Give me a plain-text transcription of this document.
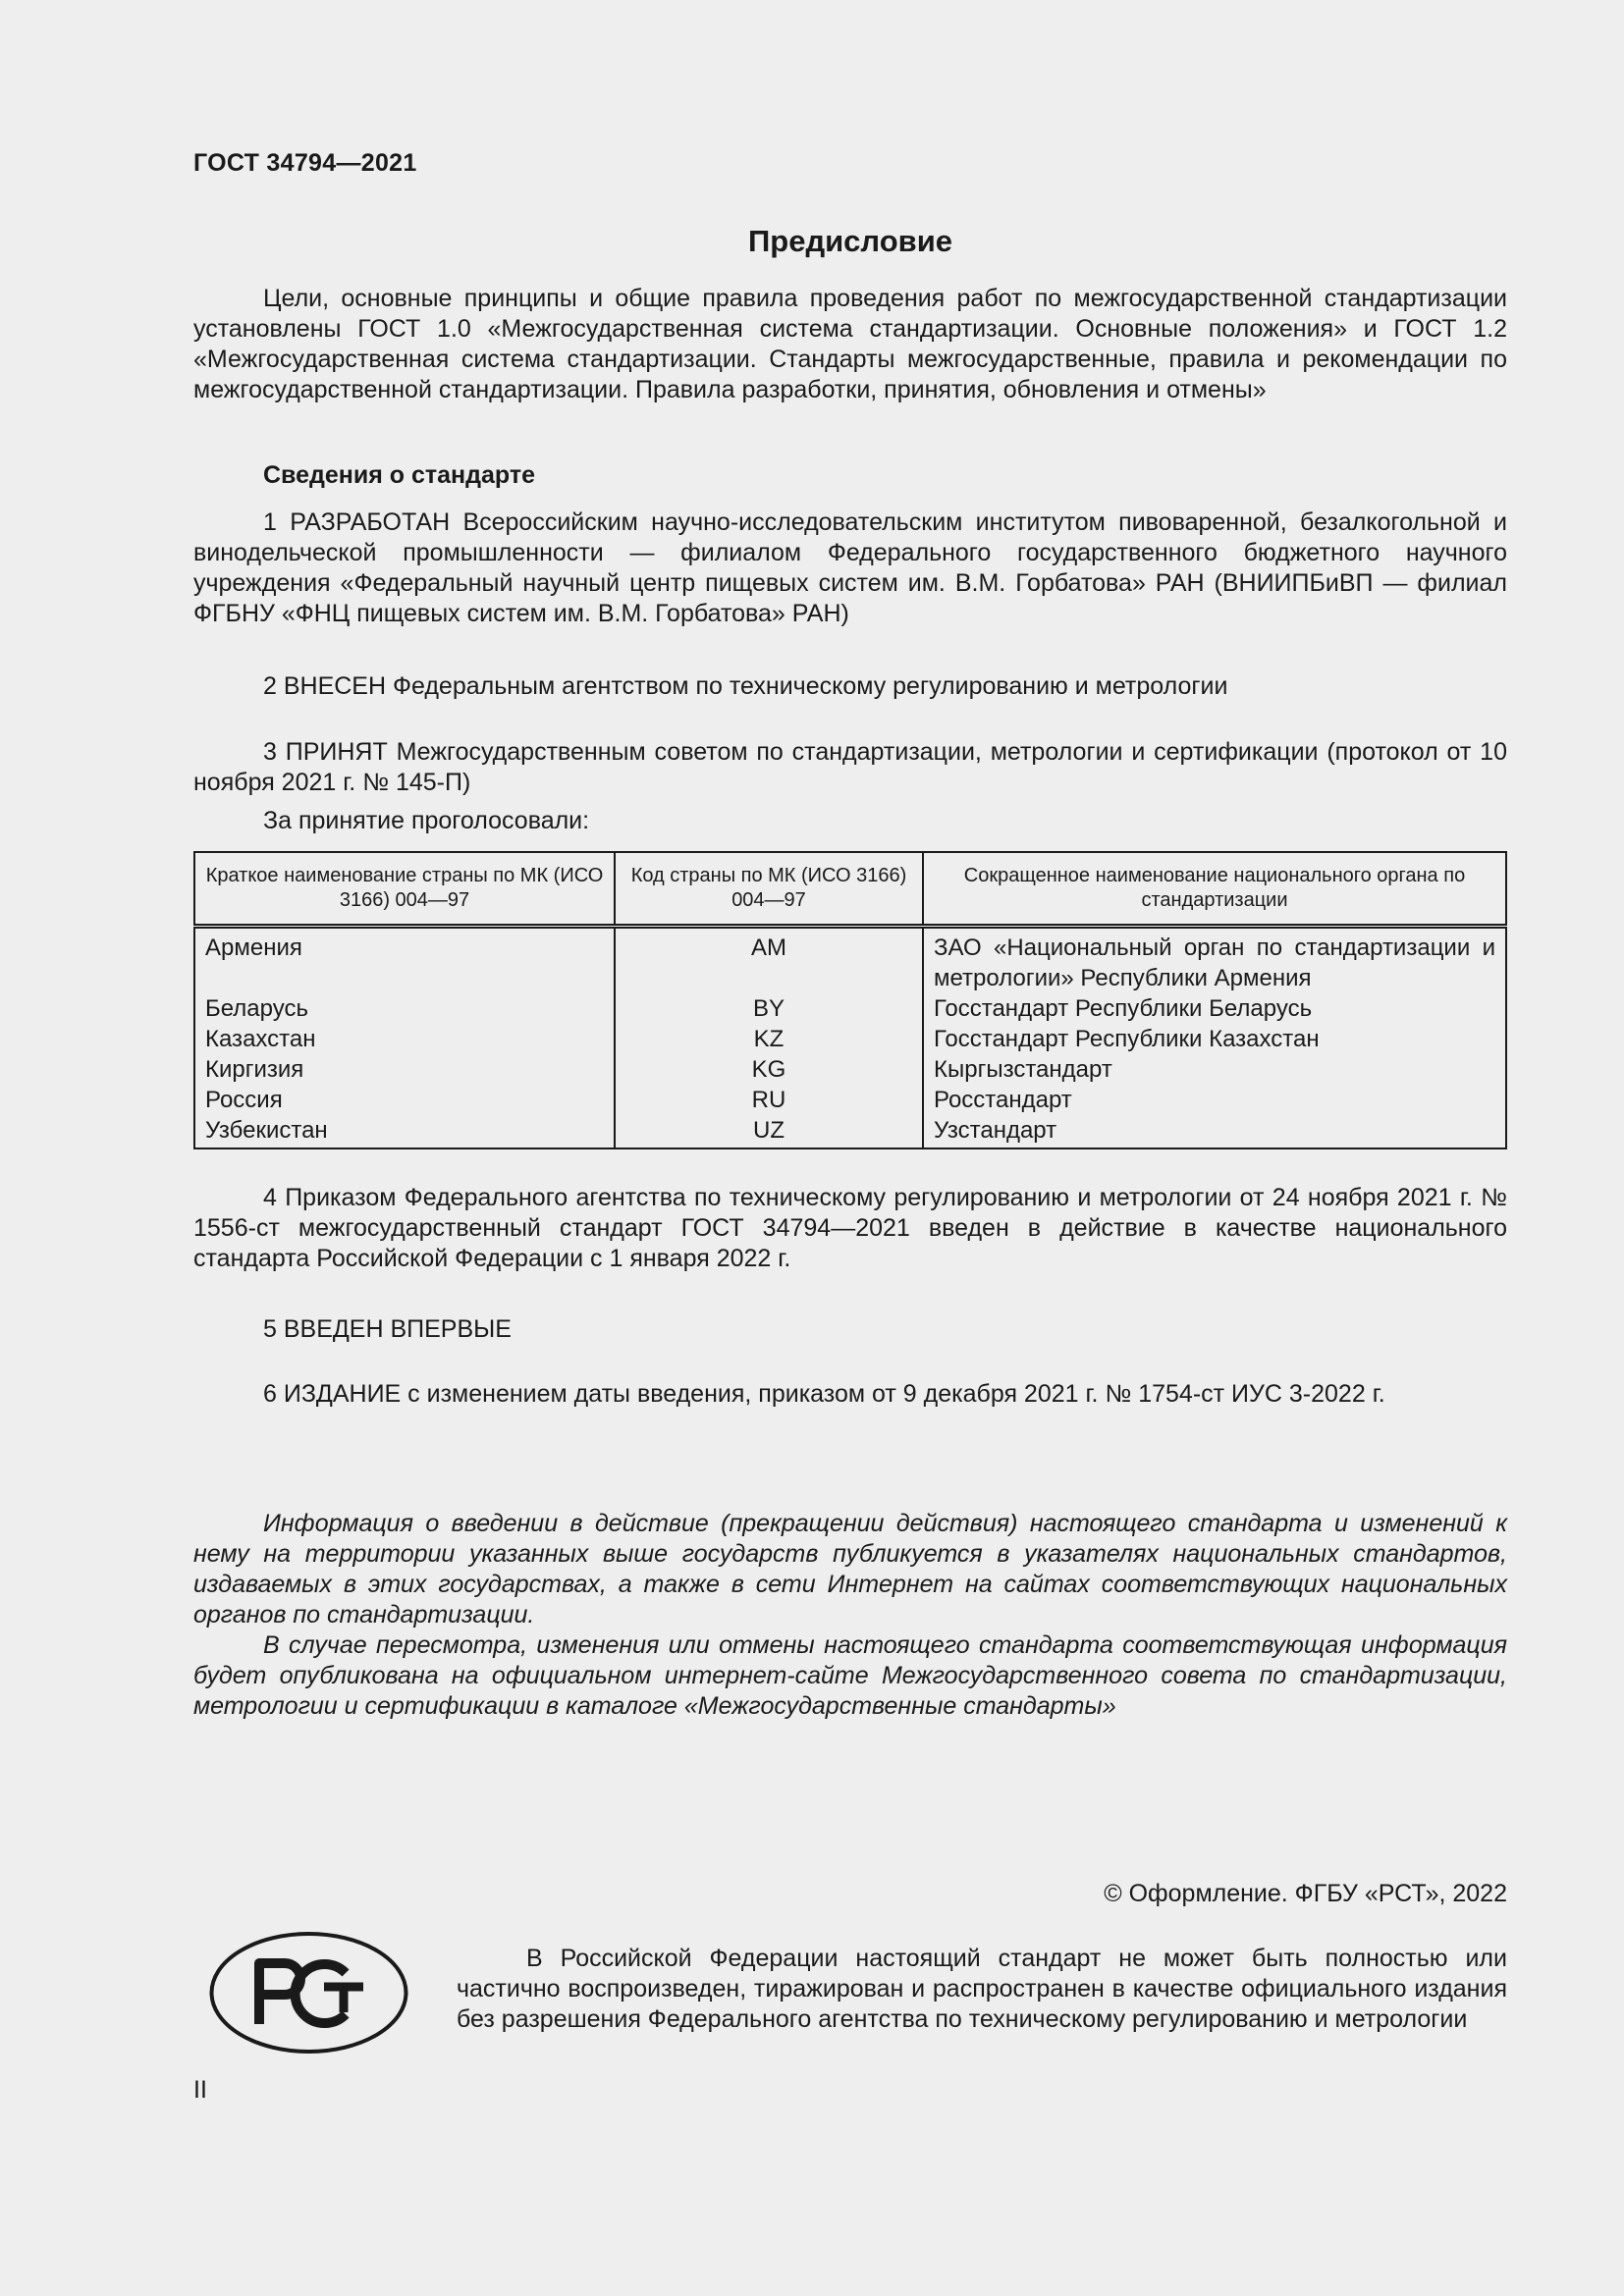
ГОСТ 34794—2021
Предисловие

Цели, основные принципы и общие правила проведения работ по межгосударственной стандартизации установлены ГОСТ 1.0 «Межгосударственная система стандартизации. Основные положения» и ГОСТ 1.2 «Межгосударственная система стандартизации. Стандарты межгосударственные, правила и рекомендации по межгосударственной стандартизации. Правила разработки, принятия, обновления и отмены»

Сведения о стандарте

1 РАЗРАБОТАН Всероссийским научно-исследовательским институтом пивоваренной, безалкогольной и винодельческой промышленности — филиалом Федерального государственного бюджетного научного учреждения «Федеральный научный центр пищевых систем им. В.М. Горбатова» РАН (ВНИИПБиВП — филиал ФГБНУ «ФНЦ пищевых систем им. В.М. Горбатова» РАН)

2 ВНЕСЕН Федеральным агентством по техническому регулированию и метрологии

3 ПРИНЯТ Межгосударственным советом по стандартизации, метрологии и сертификации (протокол от 10 ноября 2021 г. № 145-П)

За принятие проголосовали:
Краткое наименование страны по МК (ИСО 3166) 004—97	Код страны по МК (ИСО 3166) 004—97	Сокращенное наименование национального органа по стандартизации
Армения	AM	ЗАО «Национальный орган по стандартизации и метрологии» Республики Армения
Беларусь	BY	Госстандарт Республики Беларусь
Казахстан	KZ	Госстандарт Республики Казахстан
Киргизия	KG	Кыргызстандарт
Россия	RU	Росстандарт
Узбекистан	UZ	Узстандарт

4 Приказом Федерального агентства по техническому регулированию и метрологии от 24 ноября 2021 г. № 1556-ст межгосударственный стандарт ГОСТ 34794—2021 введен в действие в качестве национального стандарта Российской Федерации с 1 января 2022 г.

5 ВВЕДЕН ВПЕРВЫЕ

6 ИЗДАНИЕ с изменением даты введения, приказом от 9 декабря 2021 г. № 1754-ст ИУС 3-2022 г.

Информация о введении в действие (прекращении действия) настоящего стандарта и изменений к нему на территории указанных выше государств публикуется в указателях национальных стандартов, издаваемых в этих государствах, а также в сети Интернет на сайтах соответствующих национальных органов по стандартизации.

В случае пересмотра, изменения или отмены настоящего стандарта соответствующая информация будет опубликована на официальном интернет-сайте Межгосударственного совета по стандартизации, метрологии и сертификации в каталоге «Межгосударственные стандарты»

© Оформление. ФГБУ «РСТ», 2022

В Российской Федерации настоящий стандарт не может быть полностью или частично воспроизведен, тиражирован и распространен в качестве официального издания без разрешения Федерального агентства по техническому регулированию и метрологии

II
